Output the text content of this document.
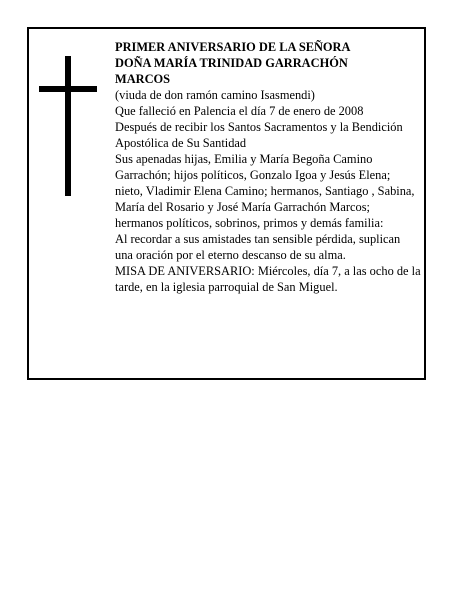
PRIMER ANIVERSARIO DE LA SEÑORA

DOÑA MARÍA TRINIDAD GARRACHÓN

MARCOS

(viuda de don ramón camino Isasmendi)

Que falleció en Palencia el día 7 de enero de 2008

Después de recibir los Santos Sacramentos y la Bendición Apostólica de Su Santidad

Sus apenadas hijas, Emilia y María Begoña Camino Garrachón; hijos políticos, Gonzalo Igoa y Jesús Elena; nieto, Vladimir Elena Camino; hermanos, Santiago , Sabina, María del Rosario y José María Garrachón Marcos; hermanos políticos, sobrinos, primos y demás familia:

Al recordar a sus amistades tan sensible pérdida, suplican una oración por el eterno descanso de su alma.

MISA DE ANIVERSARIO: Miércoles, día 7, a las ocho de la tarde, en la iglesia parroquial de San Miguel.
